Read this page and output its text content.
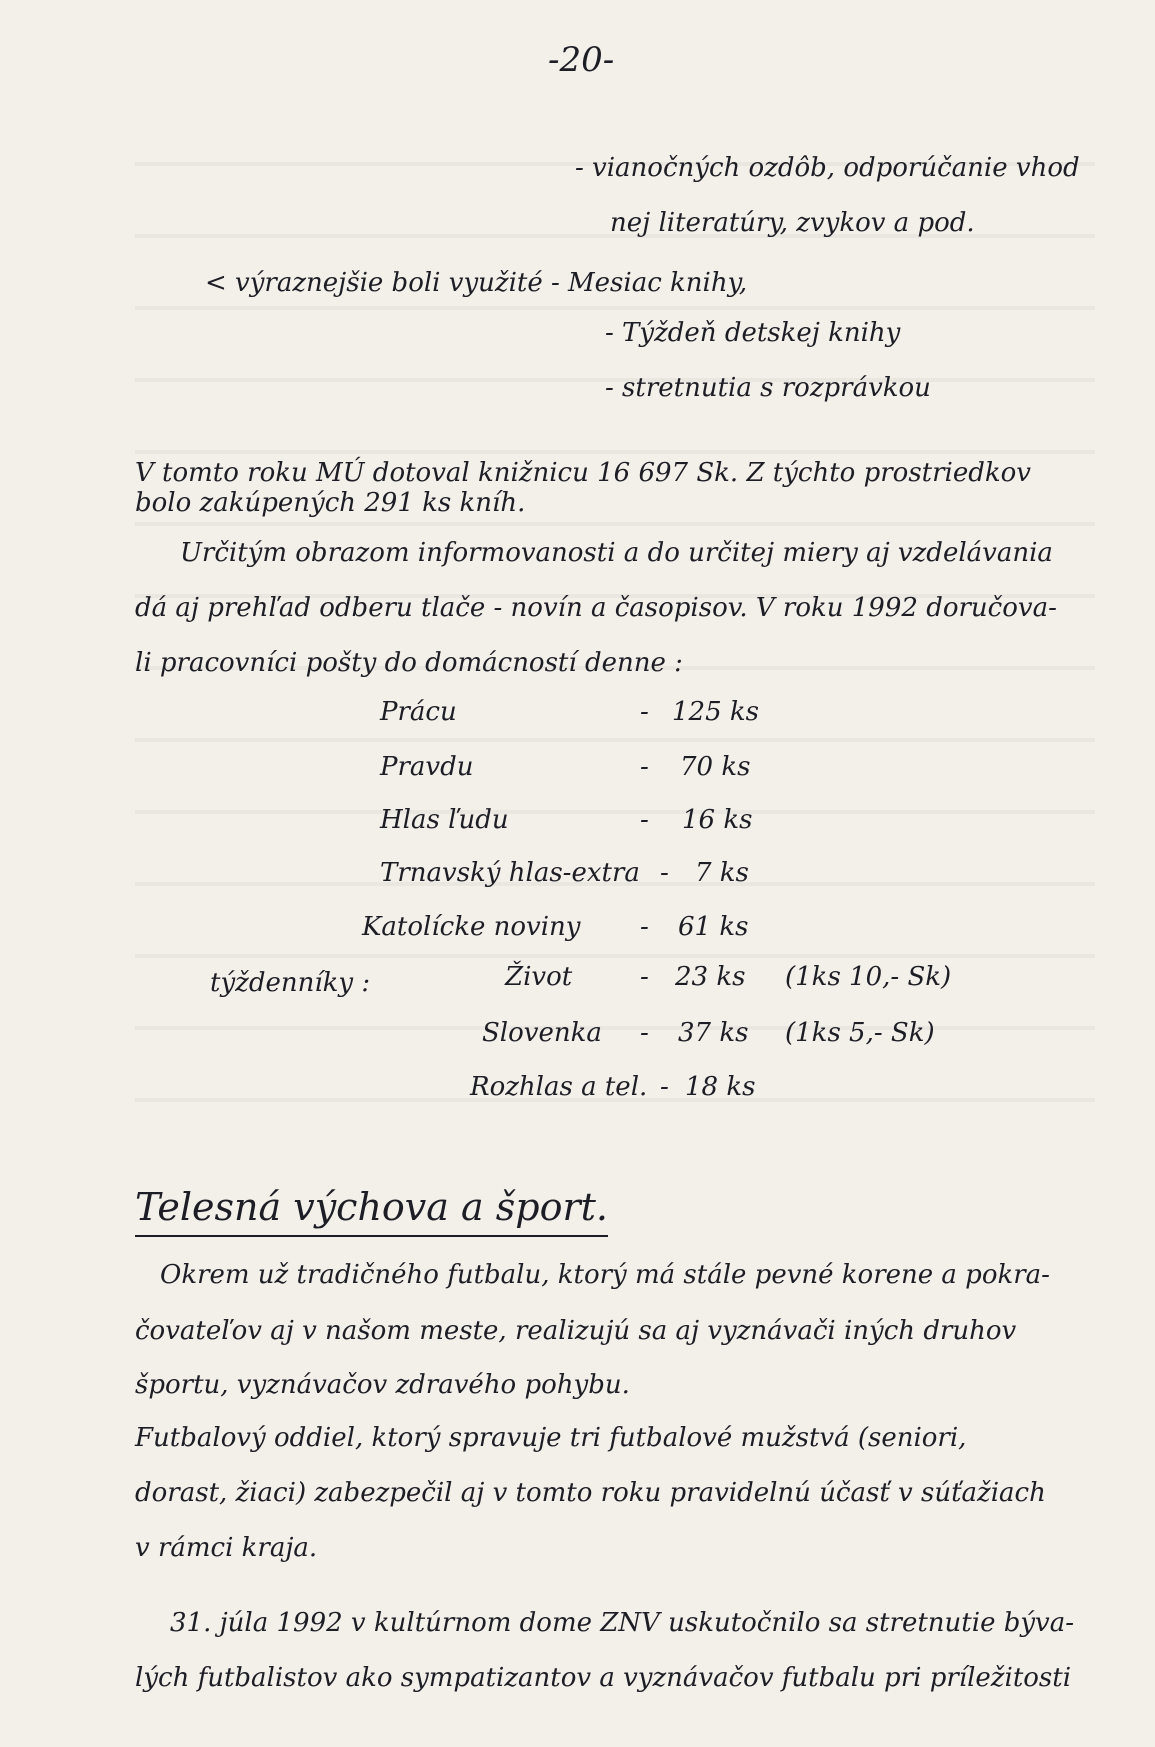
-20-
- vianočných ozdôb, odporúčanie vhod
nej literatúry, zvykov a pod.
< výraznejšie boli využité - Mesiac knihy,
- Týždeň detskej knihy
- stretnutia s rozprávkou
V tomto roku MÚ dotoval knižnicu 16 697 Sk. Z týchto prostriedkov
bolo zakúpených 291 ks kníh.
Určitým obrazom informovanosti a do určitej miery aj vzdelávania
dá aj prehľad odberu tlače - novín a časopisov. V roku 1992 doručova-
li pracovníci pošty do domácností denne :
Prácu	- 125 ks
Pravdu	- 70 ks
Hlas ľudu	- 16 ks
Trnavský hlas-extra - 7 ks
Katolícke noviny - 61 ks
týždenníky :	Život	- 23 ks (1ks 10,- Sk)
Slovenka - 37 ks (1ks 5,- Sk)
Rozhlas a tel. - 18 ks
Telesná výchova a šport.
Okrem už tradičného futbalu, ktorý má stále pevné korene a pokra-
čovateľov aj v našom meste, realizujú sa aj vyznávači iných druhov
športu, vyznávačov zdravého pohybu.
Futbalový oddiel, ktorý spravuje tri futbalové mužstvá (seniori,
dorast, žiaci) zabezpečil aj v tomto roku pravidelnú účasť v súťažiach
v rámci kraja.
31. júla 1992 v kultúrnom dome ZNV uskutočnilo sa stretnutie býva-
lých futbalistov ako sympatizantov a vyznávačov futbalu pri príležitosti
